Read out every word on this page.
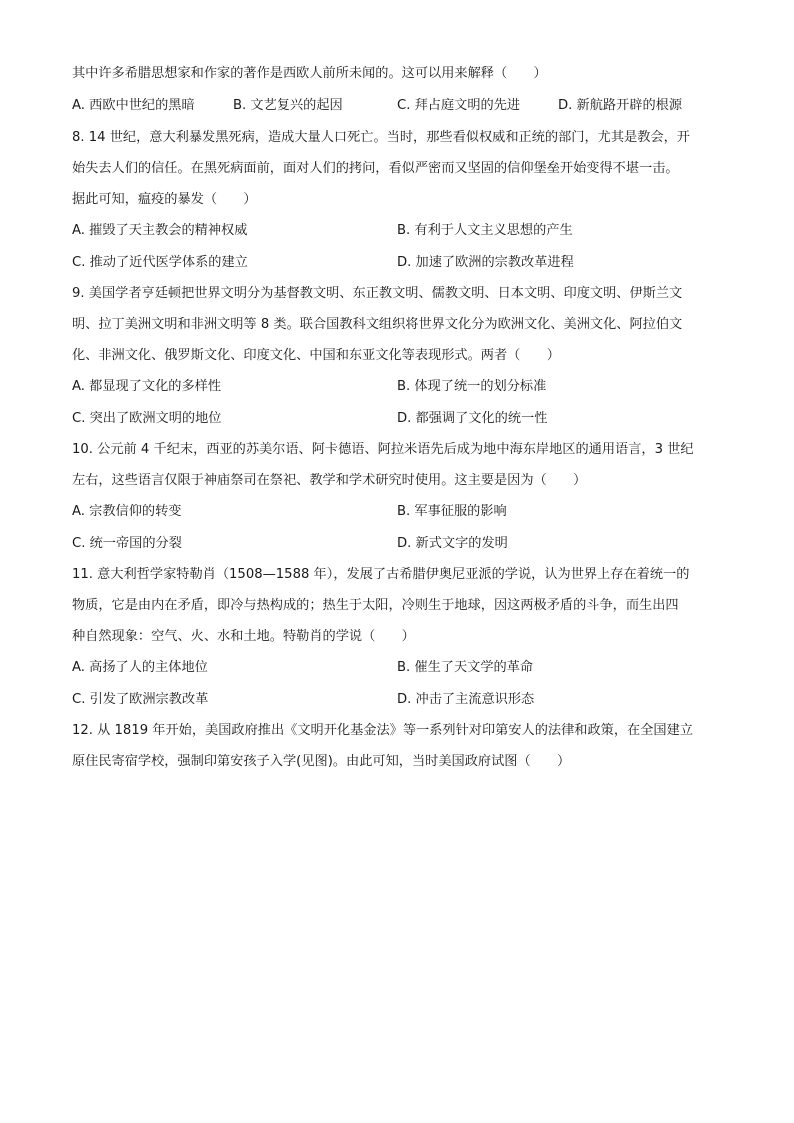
其中许多希腊思想家和作家的著作是西欧人前所未闻的。这可以用来解释（　　）
A. 西欧中世纪的黑暗	B. 文艺复兴的起因	C. 拜占庭文明的先进	D. 新航路开辟的根源
8. 14 世纪，意大利暴发黑死病，造成大量人口死亡。当时，那些看似权威和正统的部门，尤其是教会，开
始失去人们的信任。在黑死病面前，面对人们的拷问，看似严密而又坚固的信仰堡垒开始变得不堪一击。
据此可知，瘟疫的暴发（　　）
A. 摧毁了天主教会的精神权威	B. 有利于人文主义思想的产生
C. 推动了近代医学体系的建立	D. 加速了欧洲的宗教改革进程
9. 美国学者亨廷顿把世界文明分为基督教文明、东正教文明、儒教文明、日本文明、印度文明、伊斯兰文
明、拉丁美洲文明和非洲文明等 8 类。联合国教科文组织将世界文化分为欧洲文化、美洲文化、阿拉伯文
化、非洲文化、俄罗斯文化、印度文化、中国和东亚文化等表现形式。两者（　　）
A. 都显现了文化的多样性	B. 体现了统一的划分标准
C. 突出了欧洲文明的地位	D. 都强调了文化的统一性
10. 公元前 4 千纪末，西亚的苏美尔语、阿卡德语、阿拉米语先后成为地中海东岸地区的通用语言，3 世纪
左右，这些语言仅限于神庙祭司在祭祀、教学和学术研究时使用。这主要是因为（　　）
A. 宗教信仰的转变	B. 军事征服的影响
C. 统一帝国的分裂	D. 新式文字的发明
11. 意大利哲学家特勒肖（1508—1588 年），发展了古希腊伊奥尼亚派的学说，认为世界上存在着统一的
物质，它是由内在矛盾，即冷与热构成的；热生于太阳，冷则生于地球，因这两极矛盾的斗争，而生出四
种自然现象：空气、火、水和土地。特勒肖的学说（　　）
A. 高扬了人的主体地位	B. 催生了天文学的革命
C. 引发了欧洲宗教改革	D. 冲击了主流意识形态
12. 从 1819 年开始，美国政府推出《文明开化基金法》等一系列针对印第安人的法律和政策，在全国建立
原住民寄宿学校，强制印第安孩子入学(见图)。由此可知，当时美国政府试图（　　）
